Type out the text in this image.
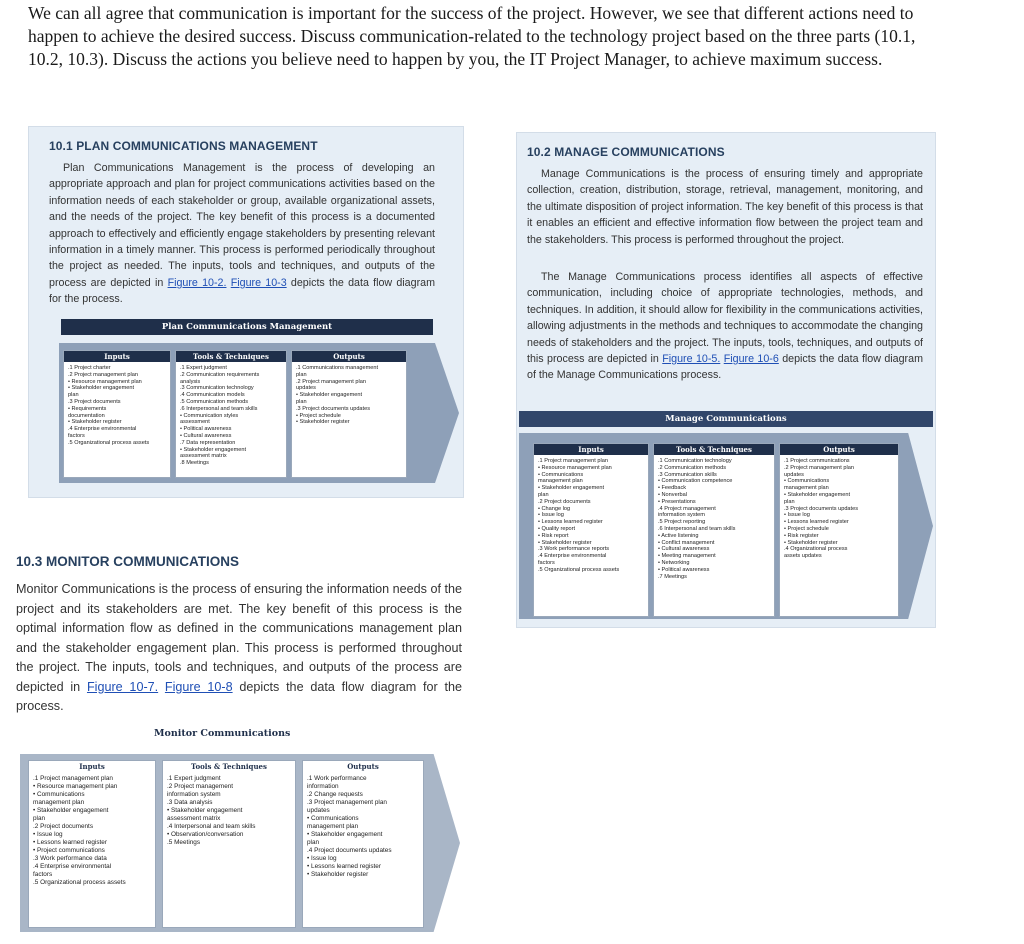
We can all agree that communication is important for the success of the project. However, we see that different actions need to happen to achieve the desired success. Discuss communication-related to the technology project based on the three parts (10.1, 10.2, 10.3). Discuss the actions you believe need to happen by you, the IT Project Manager, to achieve maximum success.
10.1 PLAN COMMUNICATIONS MANAGEMENT

Plan Communications Management is the process of developing an appropriate approach and plan for project communications activities based on the information needs of each stakeholder or group, available organizational assets, and the needs of the project. The key benefit of this process is a documented approach to effectively and efficiently engage stakeholders by presenting relevant information in a timely manner. This process is performed periodically throughout the project as needed. The inputs, tools and techniques, and outputs of the process are depicted in Figure 10-2. Figure 10-3 depicts the data flow diagram for the process.

Plan Communications Management
Inputs
.1 Project charter
.2 Project management plan
• Resource management plan
• Stakeholder engagement
plan
.3 Project documents
• Requirements
documentation
• Stakeholder register
.4 Enterprise environmental
factors
.5 Organizational process assets
Tools & Techniques
.1 Expert judgment
.2 Communication requirements
analysis
.3 Communication technology
.4 Communication models
.5 Communication methods
.6 Interpersonal and team skills
• Communication styles
assessment
• Political awareness
• Cultural awareness
.7 Data representation
• Stakeholder engagement
assessment matrix
.8 Meetings
Outputs
.1 Communications management
plan
.2 Project management plan
updates
• Stakeholder engagement
plan
.3 Project documents updates
• Project schedule
• Stakeholder register
10.2 MANAGE COMMUNICATIONS

Manage Communications is the process of ensuring timely and appropriate collection, creation, distribution, storage, retrieval, management, monitoring, and the ultimate disposition of project information. The key benefit of this process is that it enables an efficient and effective information flow between the project team and the stakeholders. This process is performed throughout the project.

The Manage Communications process identifies all aspects of effective communication, including choice of appropriate technologies, methods, and techniques. In addition, it should allow for flexibility in the communications activities, allowing adjustments in the methods and techniques to accommodate the changing needs of stakeholders and the project. The inputs, tools, techniques, and outputs of this process are depicted in Figure 10-5. Figure 10-6 depicts the data flow diagram of the Manage Communications process.

Manage Communications
Inputs
.1 Project management plan
• Resource management plan
• Communications
management plan
• Stakeholder engagement
plan
.2 Project documents
• Change log
• Issue log
• Lessons learned register
• Quality report
• Risk report
• Stakeholder register
.3 Work performance reports
.4 Enterprise environmental
factors
.5 Organizational process assets
Tools & Techniques
.1 Communication technology
.2 Communication methods
.3 Communication skills
• Communication competence
• Feedback
• Nonverbal
• Presentations
.4 Project management
information system
.5 Project reporting
.6 Interpersonal and team skills
• Active listening
• Conflict management
• Cultural awareness
• Meeting management
• Networking
• Political awareness
.7 Meetings
Outputs
.1 Project communications
.2 Project management plan
updates
• Communications
management plan
• Stakeholder engagement
plan
.3 Project documents updates
• Issue log
• Lessons learned register
• Project schedule
• Risk register
• Stakeholder register
.4 Organizational process
assets updates
10.3 MONITOR COMMUNICATIONS

Monitor Communications is the process of ensuring the information needs of the project and its stakeholders are met. The key benefit of this process is the optimal information flow as defined in the communications management plan and the stakeholder engagement plan. This process is performed throughout the project. The inputs, tools and techniques, and outputs of the process are depicted in Figure 10-7. Figure 10-8 depicts the data flow diagram for the process.

Monitor Communications
Inputs
.1 Project management plan
• Resource management plan
• Communications
management plan
• Stakeholder engagement
plan
.2 Project documents
• Issue log
• Lessons learned register
• Project communications
.3 Work performance data
.4 Enterprise environmental
factors
.5 Organizational process assets
Tools & Techniques
.1 Expert judgment
.2 Project management
information system
.3 Data analysis
• Stakeholder engagement
assessment matrix
.4 Interpersonal and team skills
• Observation/conversation
.5 Meetings
Outputs
.1 Work performance
information
.2 Change requests
.3 Project management plan
updates
• Communications
management plan
• Stakeholder engagement
plan
.4 Project documents updates
• Issue log
• Lessons learned register
• Stakeholder register
